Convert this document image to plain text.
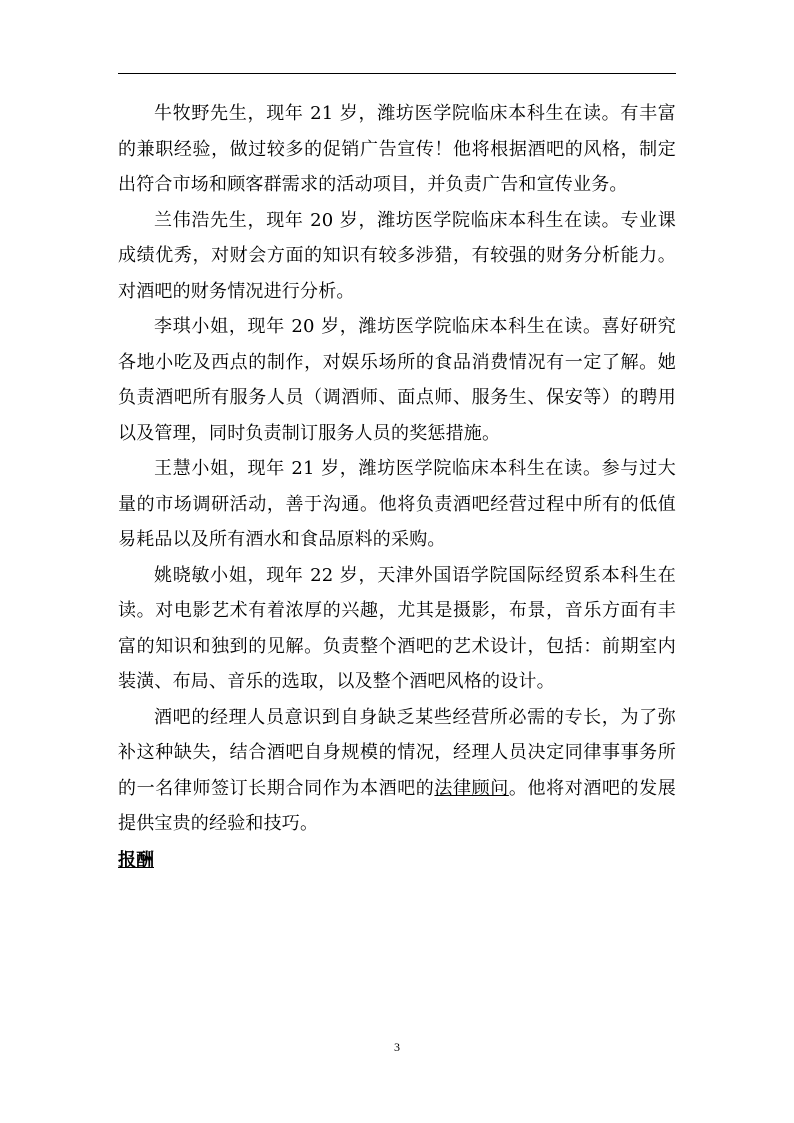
牛牧野先生，现年 21 岁，潍坊医学院临床本科生在读。有丰富的兼职经验，做过较多的促销广告宣传！他将根据酒吧的风格，制定出符合市场和顾客群需求的活动项目，并负责广告和宣传业务。

兰伟浩先生，现年 20 岁，潍坊医学院临床本科生在读。专业课成绩优秀，对财会方面的知识有较多涉猎，有较强的财务分析能力。对酒吧的财务情况进行分析。

李琪小姐，现年 20 岁，潍坊医学院临床本科生在读。喜好研究各地小吃及西点的制作，对娱乐场所的食品消费情况有一定了解。她负责酒吧所有服务人员（调酒师、面点师、服务生、保安等）的聘用以及管理，同时负责制订服务人员的奖惩措施。

王慧小姐，现年 21 岁，潍坊医学院临床本科生在读。参与过大量的市场调研活动，善于沟通。他将负责酒吧经营过程中所有的低值易耗品以及所有酒水和食品原料的采购。

姚晓敏小姐，现年 22 岁，天津外国语学院国际经贸系本科生在读。对电影艺术有着浓厚的兴趣，尤其是摄影，布景，音乐方面有丰富的知识和独到的见解。负责整个酒吧的艺术设计，包括：前期室内装潢、布局、音乐的选取，以及整个酒吧风格的设计。

酒吧的经理人员意识到自身缺乏某些经营所必需的专长，为了弥补这种缺失，结合酒吧自身规模的情况，经理人员决定同律事事务所的一名律师签订长期合同作为本酒吧的法律顾问。他将对酒吧的发展提供宝贵的经验和技巧。

报酬

3
